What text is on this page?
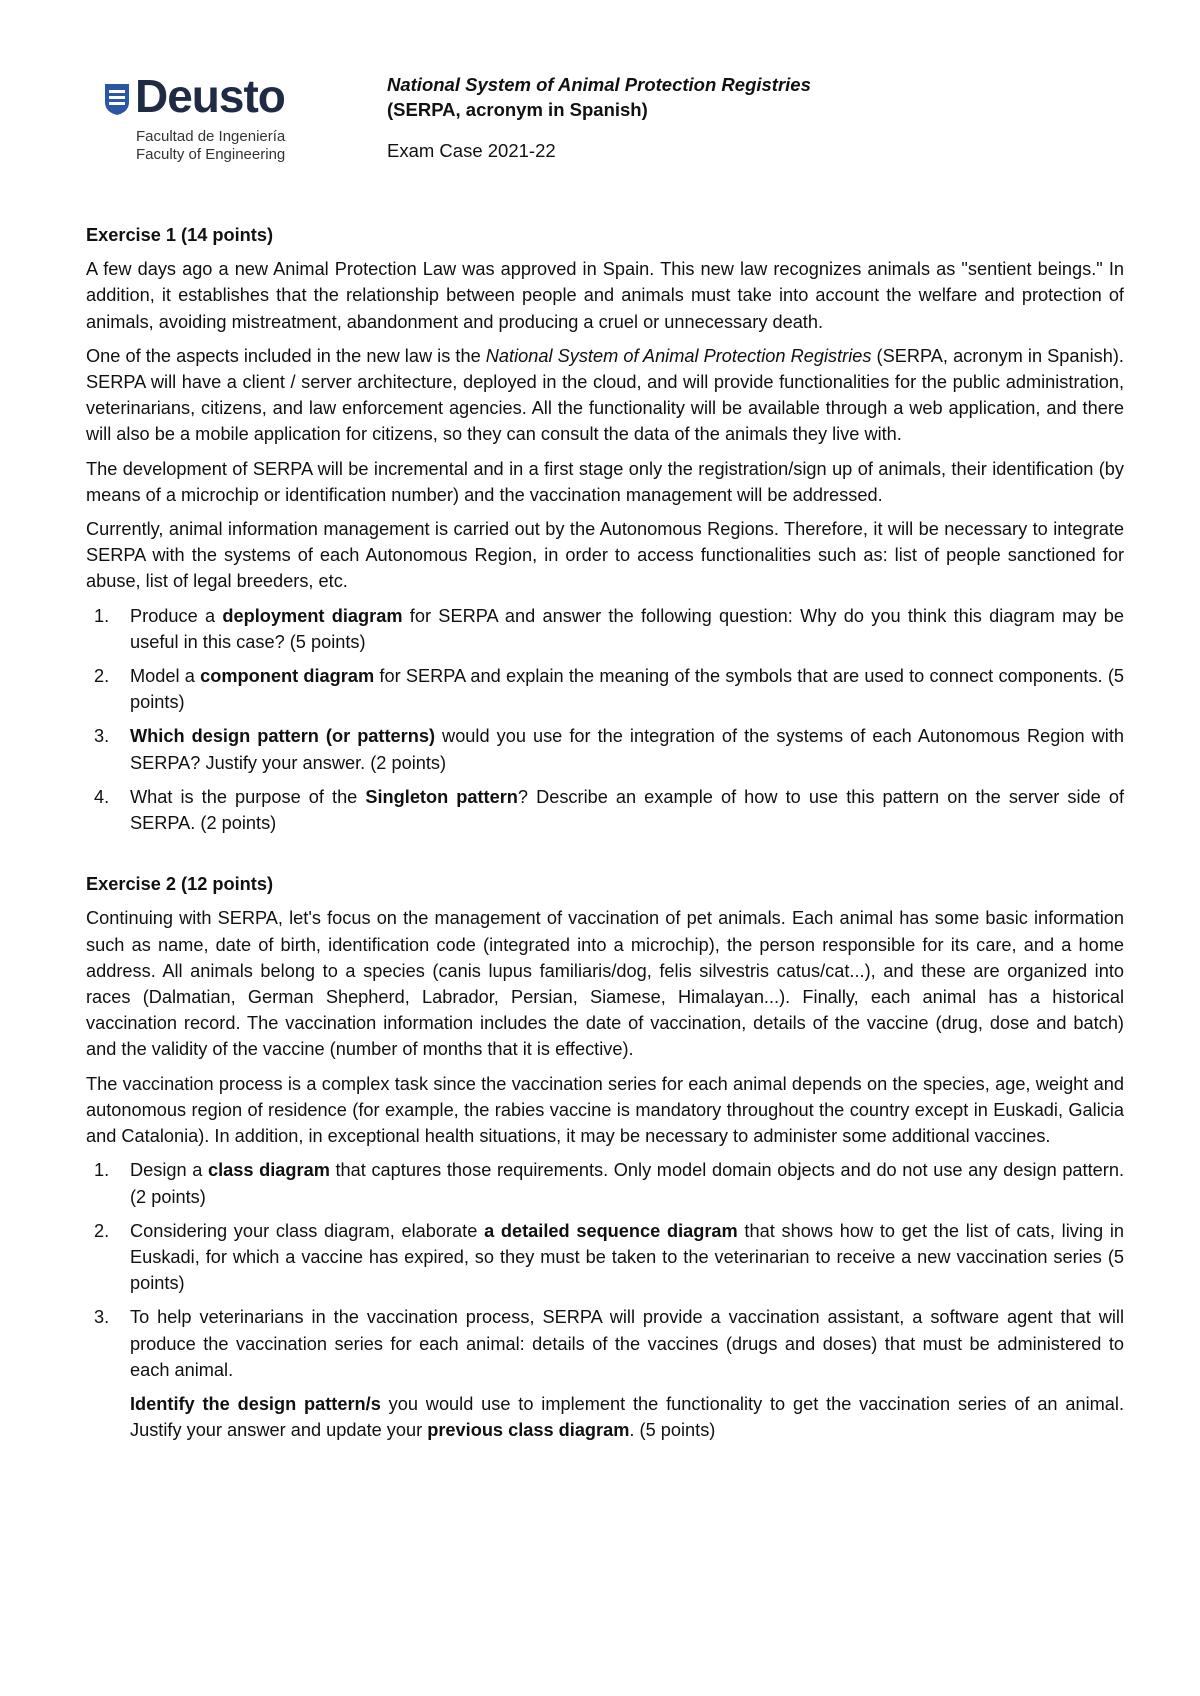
Deusto
Facultad de Ingeniería
Faculty of Engineering
National System of Animal Protection Registries
(SERPA, acronym in Spanish)
Exam Case 2021-22
Exercise 1 (14 points)

A few days ago a new Animal Protection Law was approved in Spain. This new law recognizes animals as "sentient beings." In addition, it establishes that the relationship between people and animals must take into account the welfare and protection of animals, avoiding mistreatment, abandonment and producing a cruel or unnecessary death.

One of the aspects included in the new law is the National System of Animal Protection Registries (SERPA, acronym in Spanish). SERPA will have a client / server architecture, deployed in the cloud, and will provide functionalities for the public administration, veterinarians, citizens, and law enforcement agencies. All the functionality will be available through a web application, and there will also be a mobile application for citizens, so they can consult the data of the animals they live with.

The development of SERPA will be incremental and in a first stage only the registration/sign up of animals, their identification (by means of a microchip or identification number) and the vaccination management will be addressed.

Currently, animal information management is carried out by the Autonomous Regions. Therefore, it will be necessary to integrate SERPA with the systems of each Autonomous Region, in order to access functionalities such as: list of people sanctioned for abuse, list of legal breeders, etc.

1. Produce a deployment diagram for SERPA and answer the following question: Why do you think this diagram may be useful in this case? (5 points)
2. Model a component diagram for SERPA and explain the meaning of the symbols that are used to connect components. (5 points)
3. Which design pattern (or patterns) would you use for the integration of the systems of each Autonomous Region with SERPA? Justify your answer. (2 points)
4. What is the purpose of the Singleton pattern? Describe an example of how to use this pattern on the server side of SERPA. (2 points)
Exercise 2 (12 points)

Continuing with SERPA, let's focus on the management of vaccination of pet animals. Each animal has some basic information such as name, date of birth, identification code (integrated into a microchip), the person responsible for its care, and a home address. All animals belong to a species (canis lupus familiaris/dog, felis silvestris catus/cat...), and these are organized into races (Dalmatian, German Shepherd, Labrador, Persian, Siamese, Himalayan...). Finally, each animal has a historical vaccination record. The vaccination information includes the date of vaccination, details of the vaccine (drug, dose and batch) and the validity of the vaccine (number of months that it is effective).

The vaccination process is a complex task since the vaccination series for each animal depends on the species, age, weight and autonomous region of residence (for example, the rabies vaccine is mandatory throughout the country except in Euskadi, Galicia and Catalonia). In addition, in exceptional health situations, it may be necessary to administer some additional vaccines.

1. Design a class diagram that captures those requirements. Only model domain objects and do not use any design pattern. (2 points)
2. Considering your class diagram, elaborate a detailed sequence diagram that shows how to get the list of cats, living in Euskadi, for which a vaccine has expired, so they must be taken to the veterinarian to receive a new vaccination series (5 points)
3. To help veterinarians in the vaccination process, SERPA will provide a vaccination assistant, a software agent that will produce the vaccination series for each animal: details of the vaccines (drugs and doses) that must be administered to each animal.

Identify the design pattern/s you would use to implement the functionality to get the vaccination series of an animal. Justify your answer and update your previous class diagram. (5 points)
